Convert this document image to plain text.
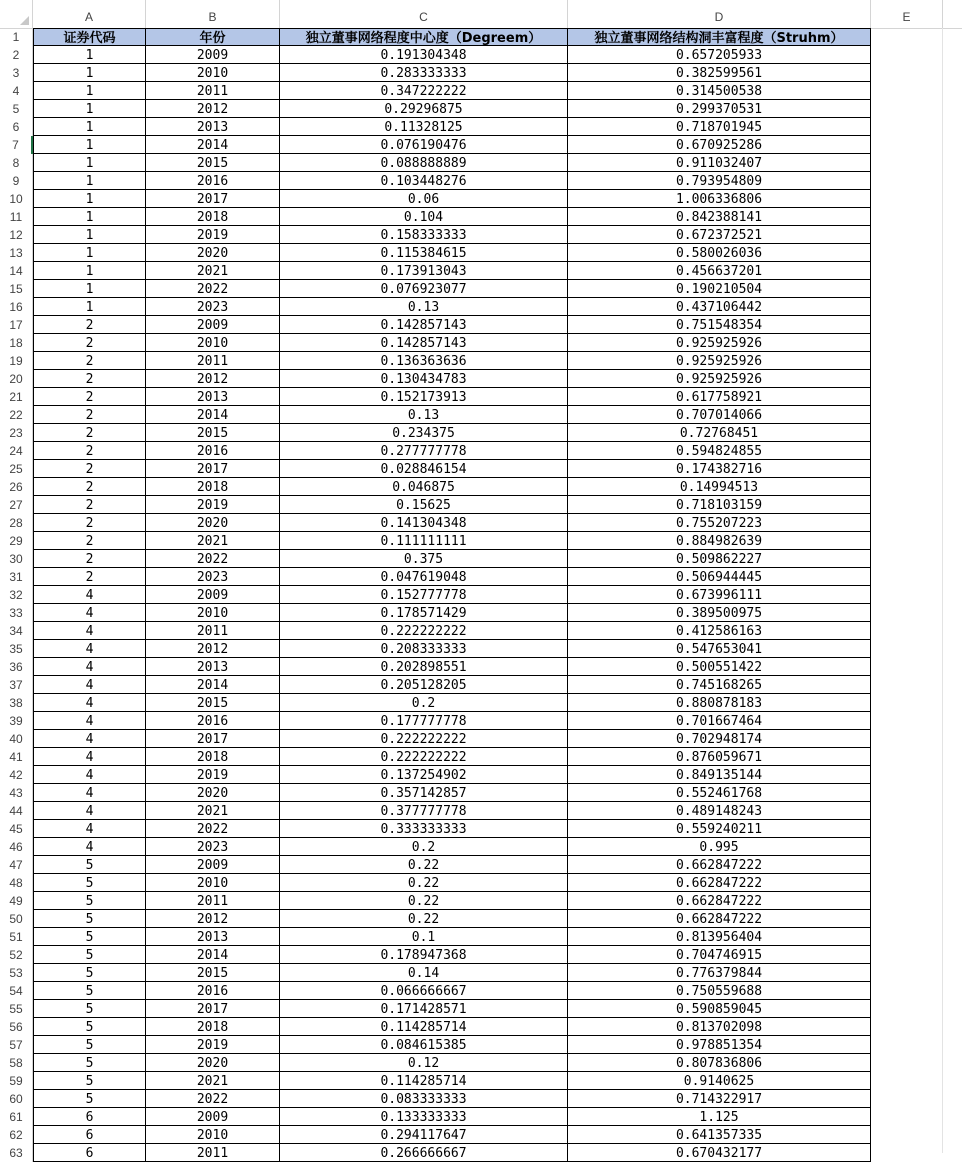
A	B	C	D	E
1	证券代码	年份	独立董事网络程度中心度（Degreem）	独立董事网络结构洞丰富程度（Struhm）
2	1	2009	0.191304348	0.657205933
3	1	2010	0.283333333	0.382599561
4	1	2011	0.347222222	0.314500538
5	1	2012	0.29296875	0.299370531
6	1	2013	0.11328125	0.718701945
7	1	2014	0.076190476	0.670925286
8	1	2015	0.088888889	0.911032407
9	1	2016	0.103448276	0.793954809
10	1	2017	0.06	1.006336806
11	1	2018	0.104	0.842388141
12	1	2019	0.158333333	0.672372521
13	1	2020	0.115384615	0.580026036
14	1	2021	0.173913043	0.456637201
15	1	2022	0.076923077	0.190210504
16	1	2023	0.13	0.437106442
17	2	2009	0.142857143	0.751548354
18	2	2010	0.142857143	0.925925926
19	2	2011	0.136363636	0.925925926
20	2	2012	0.130434783	0.925925926
21	2	2013	0.152173913	0.617758921
22	2	2014	0.13	0.707014066
23	2	2015	0.234375	0.72768451
24	2	2016	0.277777778	0.594824855
25	2	2017	0.028846154	0.174382716
26	2	2018	0.046875	0.14994513
27	2	2019	0.15625	0.718103159
28	2	2020	0.141304348	0.755207223
29	2	2021	0.111111111	0.884982639
30	2	2022	0.375	0.509862227
31	2	2023	0.047619048	0.506944445
32	4	2009	0.152777778	0.673996111
33	4	2010	0.178571429	0.389500975
34	4	2011	0.222222222	0.412586163
35	4	2012	0.208333333	0.547653041
36	4	2013	0.202898551	0.500551422
37	4	2014	0.205128205	0.745168265
38	4	2015	0.2	0.880878183
39	4	2016	0.177777778	0.701667464
40	4	2017	0.222222222	0.702948174
41	4	2018	0.222222222	0.876059671
42	4	2019	0.137254902	0.849135144
43	4	2020	0.357142857	0.552461768
44	4	2021	0.377777778	0.489148243
45	4	2022	0.333333333	0.559240211
46	4	2023	0.2	0.995
47	5	2009	0.22	0.662847222
48	5	2010	0.22	0.662847222
49	5	2011	0.22	0.662847222
50	5	2012	0.22	0.662847222
51	5	2013	0.1	0.813956404
52	5	2014	0.178947368	0.704746915
53	5	2015	0.14	0.776379844
54	5	2016	0.066666667	0.750559688
55	5	2017	0.171428571	0.590859045
56	5	2018	0.114285714	0.813702098
57	5	2019	0.084615385	0.978851354
58	5	2020	0.12	0.807836806
59	5	2021	0.114285714	0.9140625
60	5	2022	0.083333333	0.714322917
61	6	2009	0.133333333	1.125
62	6	2010	0.294117647	0.641357335
63	6	2011	0.266666667	0.670432177
